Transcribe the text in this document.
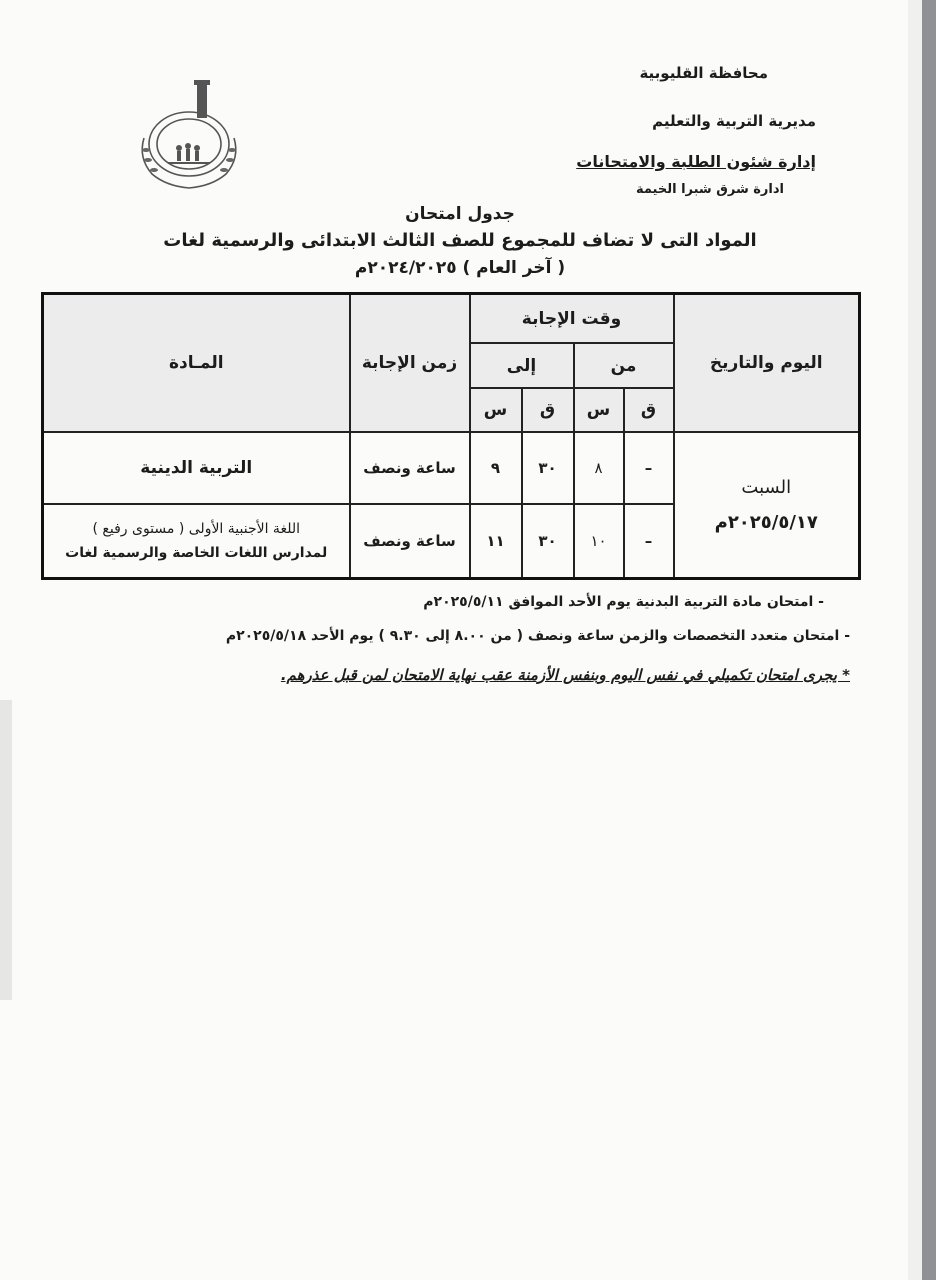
محافظة القليوبية
مديرية التربية والتعليم
إدارة شئون الطلبة والامتحانات
ادارة شرق شبرا الخيمة
جدول امتحان
المواد التى لا تضاف للمجموع للصف الثالث الابتدائى والرسمية لغات
( آخر العام ) ٢٠٢٤/٢٠٢٥م
اليوم والتاريخ	وقت الإجابة				زمن الإجابة	المـادة
	من		إلى			
	ق	س	ق	س		

السبت
٢٠٢٥/٥/١٧م	–	٨	٣٠	٩	ساعة ونصف	التربية الدينية
	–	١٠	٣٠	١١	ساعة ونصف	اللغة الأجنبية الأولى ( مستوى رفيع )
لمدارس اللغات الخاصة والرسمية لغات
- امتحان مادة التربية البدنية يوم الأحد الموافق ٢٠٢٥/٥/١١م
- امتحان متعدد التخصصات والزمن ساعة ونصف ( من ٨.٠٠ إلى ٩.٣٠ ) يوم الأحد ٢٠٢٥/٥/١٨م
* يجرى امتحان تكميلي في نفس اليوم وبنفس الأزمنة عقب نهاية الامتحان لمن قبل عذرهم.
